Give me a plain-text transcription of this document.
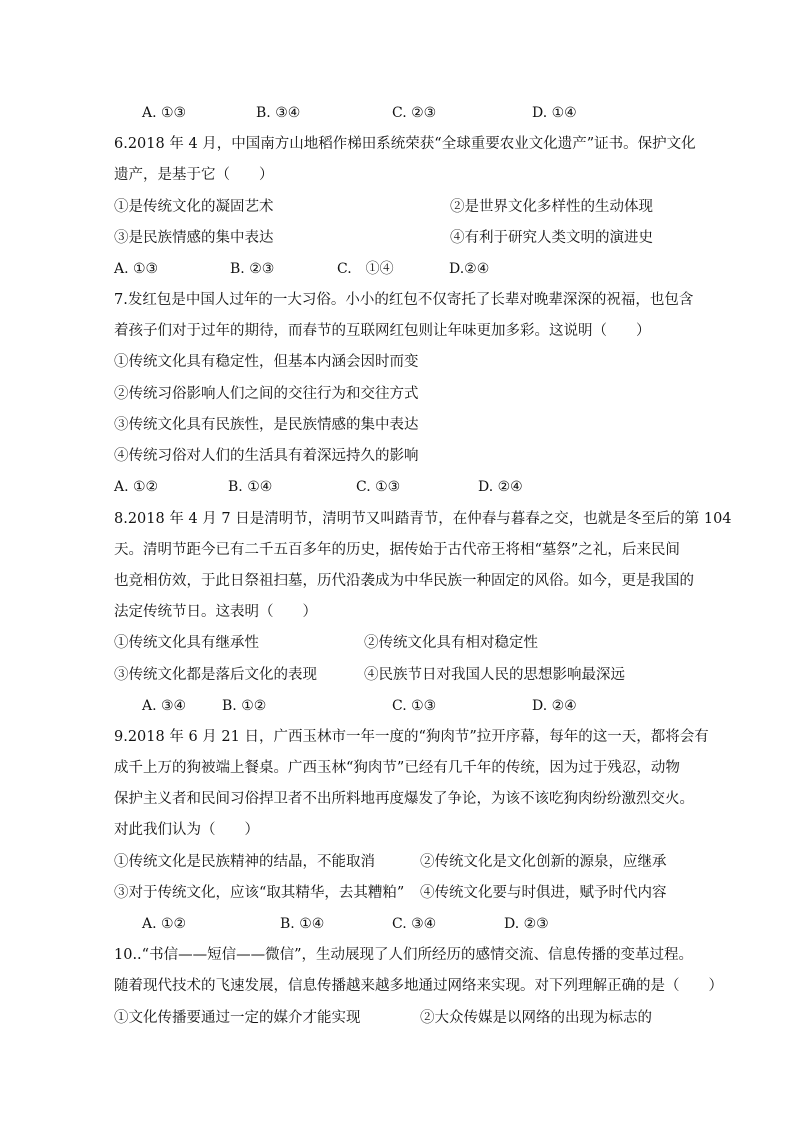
A. ①③	B. ③④	C. ②③	D. ①④
6.2018 年 4 月，中国南方山地稻作梯田系统荣获“全球重要农业文化遗产”证书。保护文化
遗产，是基于它（　　）
①是传统文化的凝固艺术	②是世界文化多样性的生动体现
③是民族情感的集中表达	④有利于研究人类文明的演进史
A. ①③	B. ②③	C.　①④	D.②④
7.发红包是中国人过年的一大习俗。小小的红包不仅寄托了长辈对晚辈深深的祝福，也包含
着孩子们对于过年的期待，而春节的互联网红包则让年味更加多彩。这说明（　　）
①传统文化具有稳定性，但基本内涵会因时而变
②传统习俗影响人们之间的交往行为和交往方式
③传统文化具有民族性，是民族情感的集中表达
④传统习俗对人们的生活具有着深远持久的影响
A. ①②	B. ①④	C. ①③	D. ②④
8.2018 年 4 月 7 日是清明节，清明节又叫踏青节，在仲春与暮春之交，也就是冬至后的第 104
天。清明节距今已有二千五百多年的历史，据传始于古代帝王将相“墓祭”之礼，后来民间
也竞相仿效，于此日祭祖扫墓，历代沿袭成为中华民族一种固定的风俗。如今，更是我国的
法定传统节日。这表明（　　）
①传统文化具有继承性	②传统文化具有相对稳定性
③传统文化都是落后文化的表现	④民族节日对我国人民的思想影响最深远
A. ③④	B. ①②	C. ①③	D. ②④
9.2018 年 6 月 21 日，广西玉林市一年一度的“狗肉节”拉开序幕，每年的这一天，都将会有
成千上万的狗被端上餐桌。广西玉林“狗肉节”已经有几千年的传统，因为过于残忍，动物
保护主义者和民间习俗捍卫者不出所料地再度爆发了争论，为该不该吃狗肉纷纷激烈交火。
对此我们认为（　　）
①传统文化是民族精神的结晶，不能取消	②传统文化是文化创新的源泉，应继承
③对于传统文化，应该“取其精华，去其糟粕” ④传统文化要与时俱进，赋予时代内容
A. ①②	B. ①④	C. ③④	D. ②③
10..“书信——短信——微信”，生动展现了人们所经历的感情交流、信息传播的变革过程。
随着现代技术的飞速发展，信息传播越来越多地通过网络来实现。对下列理解正确的是（　　）
①文化传播要通过一定的媒介才能实现	②大众传媒是以网络的出现为标志的
